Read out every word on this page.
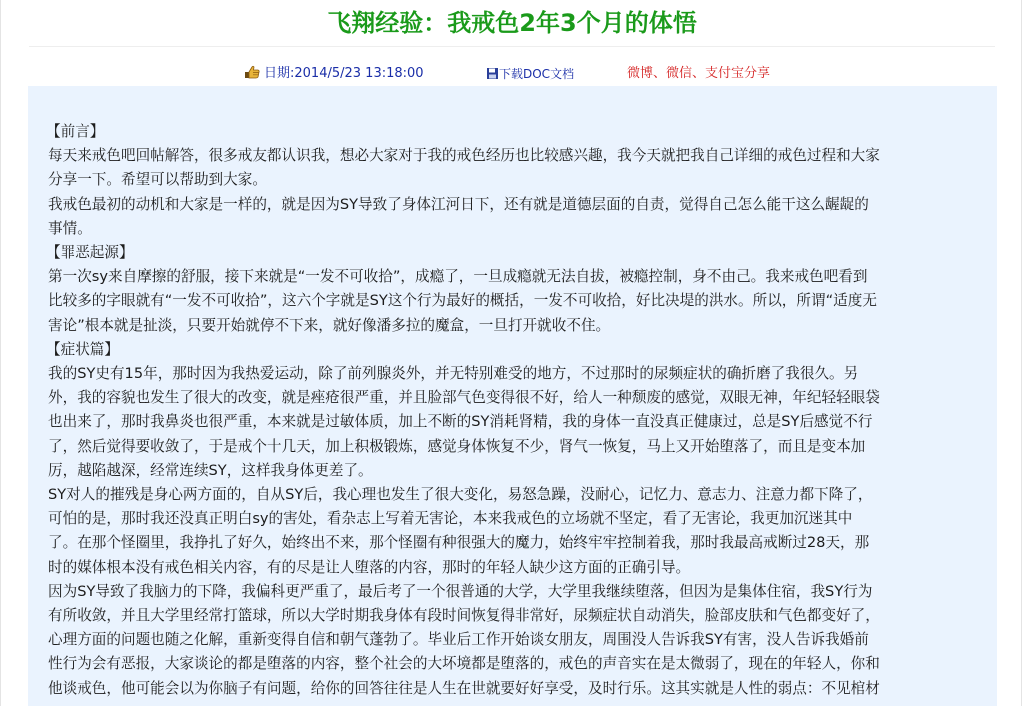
飞翔经验：我戒色2年3个月的体悟
日期:2014/5/23 13:18:00	下载DOC文档	微博、微信、支付宝分享

【前言】

每天来戒色吧回帖解答，很多戒友都认识我，想必大家对于我的戒色经历也比较感兴趣，我今天就把我自己详细的戒色过程和大家

分享一下。希望可以帮助到大家。

我戒色最初的动机和大家是一样的，就是因为SY导致了身体江河日下，还有就是道德层面的自责，觉得自己怎么能干这么龌龊的

事情。

【罪恶起源】

第一次sy来自摩擦的舒服，接下来就是“一发不可收拾”，成瘾了，一旦成瘾就无法自拔，被瘾控制，身不由己。我来戒色吧看到

比较多的字眼就有“一发不可收拾”，这六个字就是SY这个行为最好的概括，一发不可收拾，好比决堤的洪水。所以，所谓“适度无

害论”根本就是扯淡，只要开始就停不下来，就好像潘多拉的魔盒，一旦打开就收不住。

【症状篇】

我的SY史有15年，那时因为我热爱运动，除了前列腺炎外，并无特别难受的地方，不过那时的尿频症状的确折磨了我很久。另

外，我的容貌也发生了很大的改变，就是痤疮很严重，并且脸部气色变得很不好，给人一种颓废的感觉，双眼无神，年纪轻轻眼袋

也出来了，那时我鼻炎也很严重，本来就是过敏体质，加上不断的SY消耗肾精，我的身体一直没真正健康过，总是SY后感觉不行

了，然后觉得要收敛了，于是戒个十几天，加上积极锻炼，感觉身体恢复不少，肾气一恢复，马上又开始堕落了，而且是变本加

厉，越陷越深，经常连续SY，这样我身体更差了。

SY对人的摧残是身心两方面的，自从SY后，我心理也发生了很大变化，易怒急躁，没耐心，记忆力、意志力、注意力都下降了，

可怕的是，那时我还没真正明白sy的害处，看杂志上写着无害论，本来我戒色的立场就不坚定，看了无害论，我更加沉迷其中

了。在那个怪圈里，我挣扎了好久，始终出不来，那个怪圈有种很强大的魔力，始终牢牢控制着我，那时我最高戒断过28天，那

时的媒体根本没有戒色相关内容，有的尽是让人堕落的内容，那时的年轻人缺少这方面的正确引导。

因为SY导致了我脑力的下降，我偏科更严重了，最后考了一个很普通的大学，大学里我继续堕落，但因为是集体住宿，我SY行为

有所收敛，并且大学里经常打篮球，所以大学时期我身体有段时间恢复得非常好，尿频症状自动消失，脸部皮肤和气色都变好了，

心理方面的问题也随之化解，重新变得自信和朝气蓬勃了。毕业后工作开始谈女朋友，周围没人告诉我SY有害，没人告诉我婚前

性行为会有恶报，大家谈论的都是堕落的内容，整个社会的大坏境都是堕落的，戒色的声音实在是太微弱了，现在的年轻人，你和

他谈戒色，他可能会以为你脑子有问题，给你的回答往往是人生在世就要好好享受，及时行乐。这其实就是人性的弱点：不见棺材
